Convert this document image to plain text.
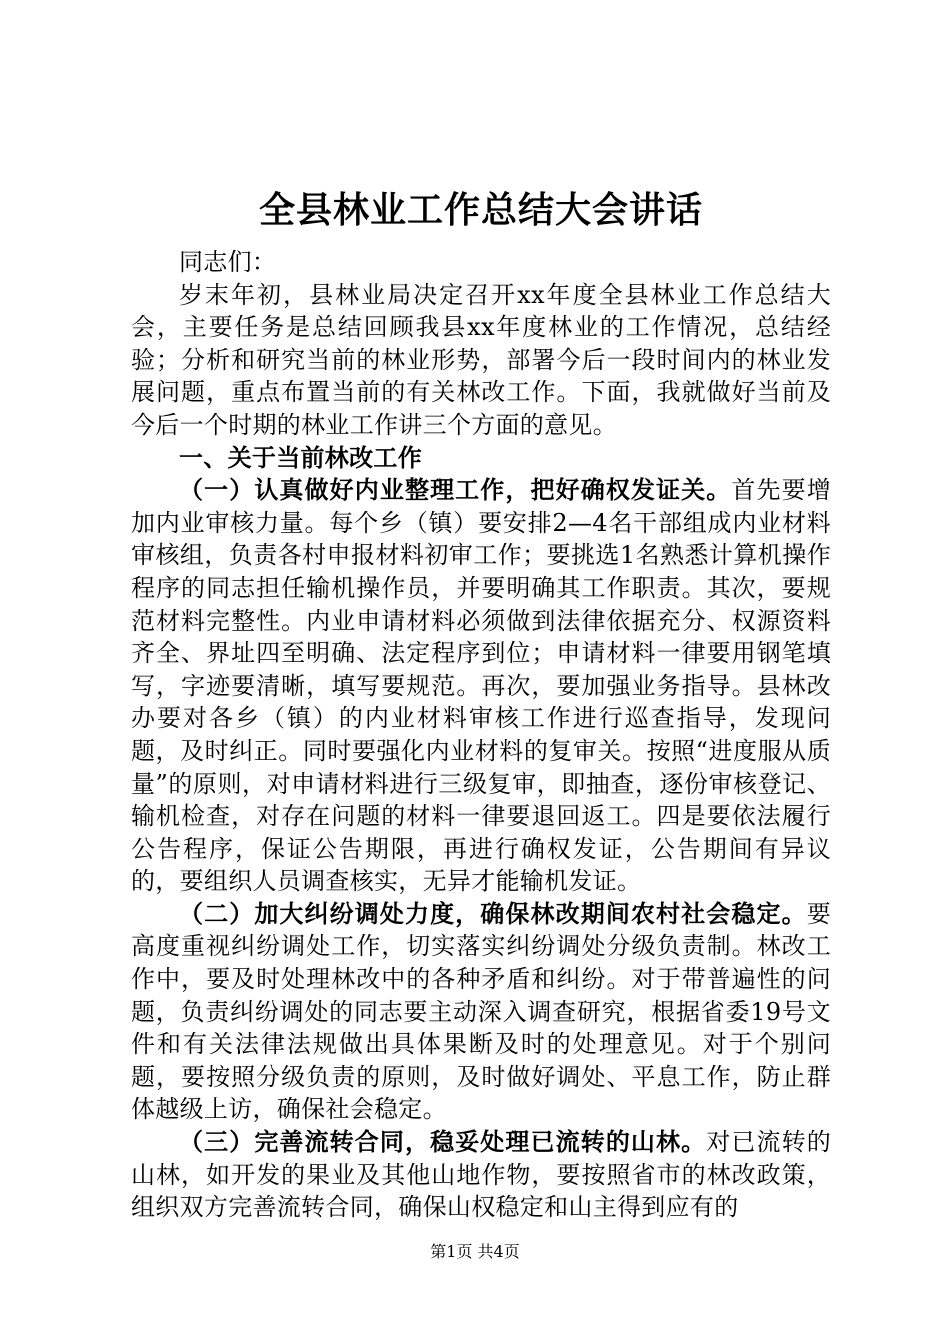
全县林业工作总结大会讲话

同志们：

岁末年初，县林业局决定召开xx年度全县林业工作总结大会，主要任务是总结回顾我县xx年度林业的工作情况，总结经验；分析和研究当前的林业形势，部署今后一段时间内的林业发展问题，重点布置当前的有关林改工作。下面，我就做好当前及今后一个时期的林业工作讲三个方面的意见。

一、关于当前林改工作

（一）认真做好内业整理工作，把好确权发证关。首先要增加内业审核力量。每个乡（镇）要安排2—4名干部组成内业材料审核组，负责各村申报材料初审工作；要挑选1名熟悉计算机操作程序的同志担任输机操作员，并要明确其工作职责。其次，要规范材料完整性。内业申请材料必须做到法律依据充分、权源资料齐全、界址四至明确、法定程序到位；申请材料一律要用钢笔填写，字迹要清晰，填写要规范。再次，要加强业务指导。县林改办要对各乡（镇）的内业材料审核工作进行巡查指导，发现问题，及时纠正。同时要强化内业材料的复审关。按照“进度服从质量”的原则，对申请材料进行三级复审，即抽查，逐份审核登记、输机检查，对存在问题的材料一律要退回返工。四是要依法履行公告程序，保证公告期限，再进行确权发证，公告期间有异议的，要组织人员调查核实，无异才能输机发证。

（二）加大纠纷调处力度，确保林改期间农村社会稳定。要高度重视纠纷调处工作，切实落实纠纷调处分级负责制。林改工作中，要及时处理林改中的各种矛盾和纠纷。对于带普遍性的问题，负责纠纷调处的同志要主动深入调查研究，根据省委19号文件和有关法律法规做出具体果断及时的处理意见。对于个别问题，要按照分级负责的原则，及时做好调处、平息工作，防止群体越级上访，确保社会稳定。

（三）完善流转合同，稳妥处理已流转的山林。对已流转的山林，如开发的果业及其他山地作物，要按照省市的林改政策，组织双方完善流转合同，确保山权稳定和山主得到应有的

第1页 共4页
